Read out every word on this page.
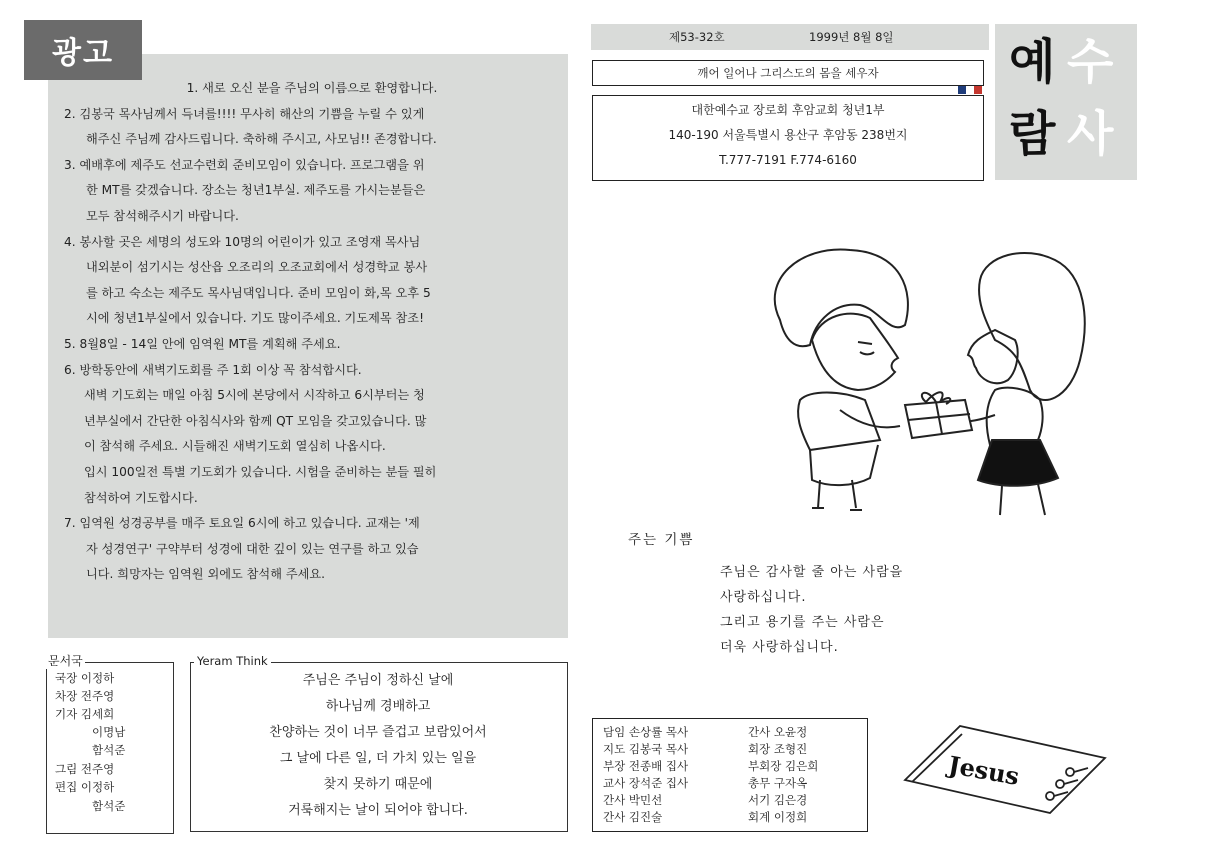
광고

1. 새로 오신 분을 주님의 이름으로 환영합니다.

2. 김봉국 목사님께서 득녀를!!!! 무사히 해산의 기쁨을 누릴 수 있게

해주신 주님께 감사드립니다. 축하해 주시고, 사모님!! 존경합니다.

3. 예배후에 제주도 선교수련회 준비모임이 있습니다. 프로그램을 위

한 MT를 갖겠습니다. 장소는 청년1부실. 제주도를 가시는분들은

모두 참석해주시기 바랍니다.

4. 봉사할 곳은 세명의 성도와 10명의 어린이가 있고 조영재 목사님

내외분이 섬기시는 성산읍 오조리의 오조교회에서 성경학교 봉사

를 하고 숙소는 제주도 목사님댁입니다. 준비 모임이 화,목 오후 5

시에 청년1부실에서 있습니다. 기도 많이주세요. 기도제목 참조!

5. 8월8일 - 14일 안에 임역원 MT를 계획해 주세요.

6. 방학동안에 새벽기도회를 주 1회 이상 꼭 참석합시다.

새벽 기도회는 매일 아침 5시에 본당에서 시작하고 6시부터는 청

년부실에서 간단한 아침식사와 함께 QT 모임을 갖고있습니다. 많

이 참석해 주세요. 시들해진 새벽기도회 열심히 나옵시다.

입시 100일전 특별 기도회가 있습니다. 시험을 준비하는 분들 필히

참석하여 기도합시다.

7. 임역원 성경공부를 매주 토요일 6시에 하고 있습니다. 교재는 '제

자 성경연구' 구약부터 성경에 대한 깊이 있는 연구를 하고 있습

니다. 희망자는 임역원 외에도 참석해 주세요.

국장 이정하
차장 전주영
기자 김세희
이명남
함석준
그림 전주영
편집 이정하
함석준
문서국	Yeram Think
주님은 주님이 정하신 날에
하나님께 경배하고
찬양하는 것이 너무 즐겁고 보람있어서
그 날에 다른 일, 더 가치 있는 일을
찾지 못하기 때문에
거룩해지는 날이 되어야 합니다.
제53-32호	1999년 8월 8일
깨어 일어나 그리스도의 몸을 세우자
대한예수교 장로회 후암교회 청년1부
140-190 서울특별시 용산구 후암동 238번지
T.777-7191 F.774-6160
예 수
람 사
주는 기쁨
주님은 감사할 줄 아는 사람을
사랑하십니다.
그리고 용기를 주는 사람은
더욱 사랑하십니다.
담임 손상률 목사	간사 오윤정
지도 김봉국 목사	회장 조형진
부장 전종배 집사	부회장 김은희
교사 장석준 집사	총무 구자옥
간사 박민선	서기 김은경
간사 김진술	회계 이정희
Jesus
